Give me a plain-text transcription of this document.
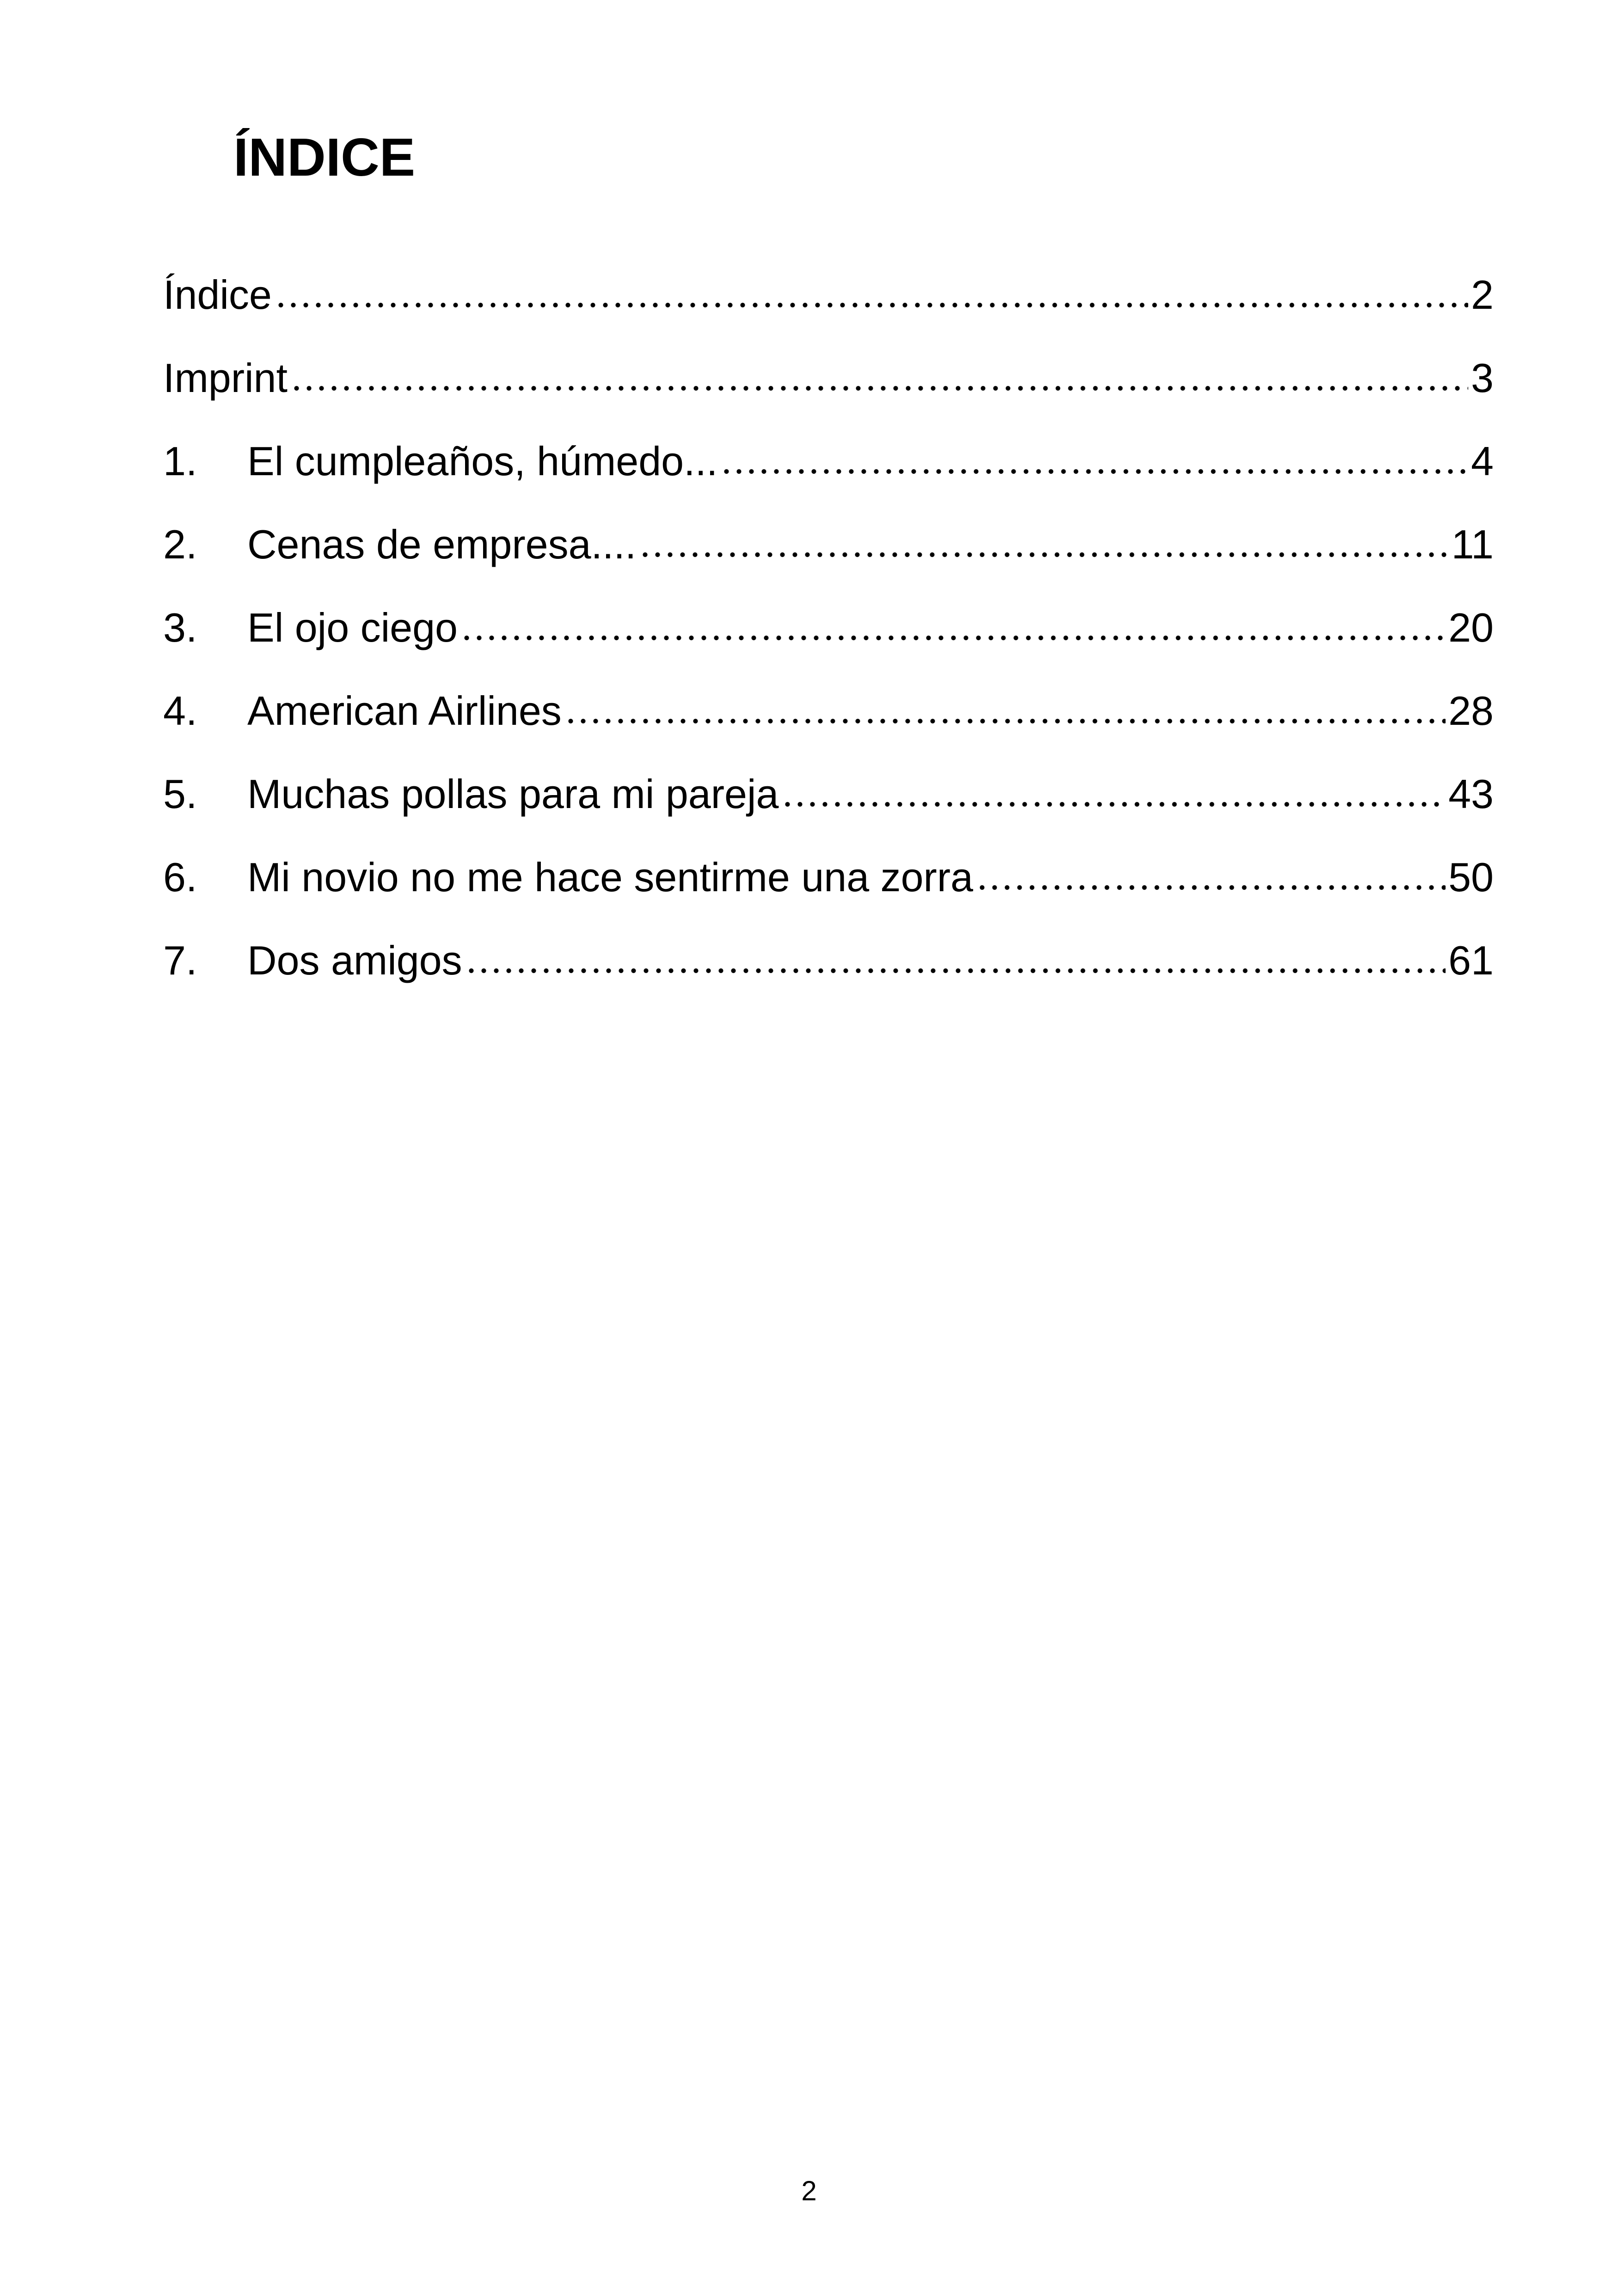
ÍNDICE
Índice	2
Imprint	3
1.	El cumpleaños, húmedo...	4
2.	Cenas de empresa....	11
3.	El ojo ciego	20
4.	American Airlines	28
5.	Muchas pollas para mi pareja	43
6.	Mi novio no me hace sentirme una zorra	50
7.	Dos amigos	61
2
